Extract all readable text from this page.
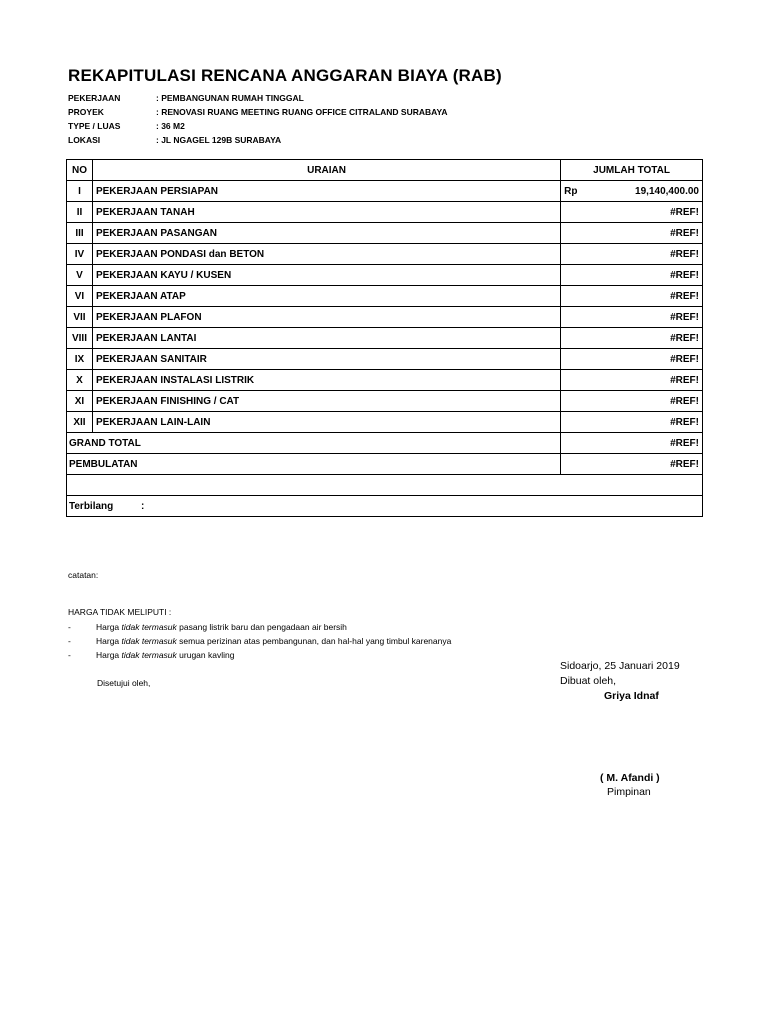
REKAPITULASI RENCANA ANGGARAN BIAYA (RAB)
PEKERJAAN	: PEMBANGUNAN RUMAH TINGGAL
PROYEK	: RENOVASI RUANG MEETING RUANG OFFICE CITRALAND SURABAYA
TYPE / LUAS	: 36 M2
LOKASI	: JL NGAGEL 129B SURABAYA
NO	URAIAN	JUMLAH TOTAL
I	PEKERJAAN PERSIAPAN	Rp 19,140,400.00
II	PEKERJAAN TANAH	#REF!
III	PEKERJAAN PASANGAN	#REF!
IV	PEKERJAAN PONDASI dan BETON	#REF!
V	PEKERJAAN KAYU / KUSEN	#REF!
VI	PEKERJAAN ATAP	#REF!
VII	PEKERJAAN PLAFON	#REF!
VIII	PEKERJAAN LANTAI	#REF!
IX	PEKERJAAN SANITAIR	#REF!
X	PEKERJAAN INSTALASI LISTRIK	#REF!
XI	PEKERJAAN FINISHING / CAT	#REF!
XII	PEKERJAAN LAIN-LAIN	#REF!
GRAND TOTAL		#REF!
PEMBULATAN		#REF!

Terbilang :		
catatan:
HARGA TIDAK MELIPUTI :
-	Harga tidak termasuk pasang listrik baru dan pengadaan air bersih
-	Harga tidak termasuk semua perizinan atas pembangunan, dan hal-hal yang timbul karenanya
-	Harga tidak termasuk urugan kavling
Sidoarjo, 25 Januari 2019
Dibuat oleh,
Griya Idnaf
Disetujui oleh,
( M. Afandi )
Pimpinan
